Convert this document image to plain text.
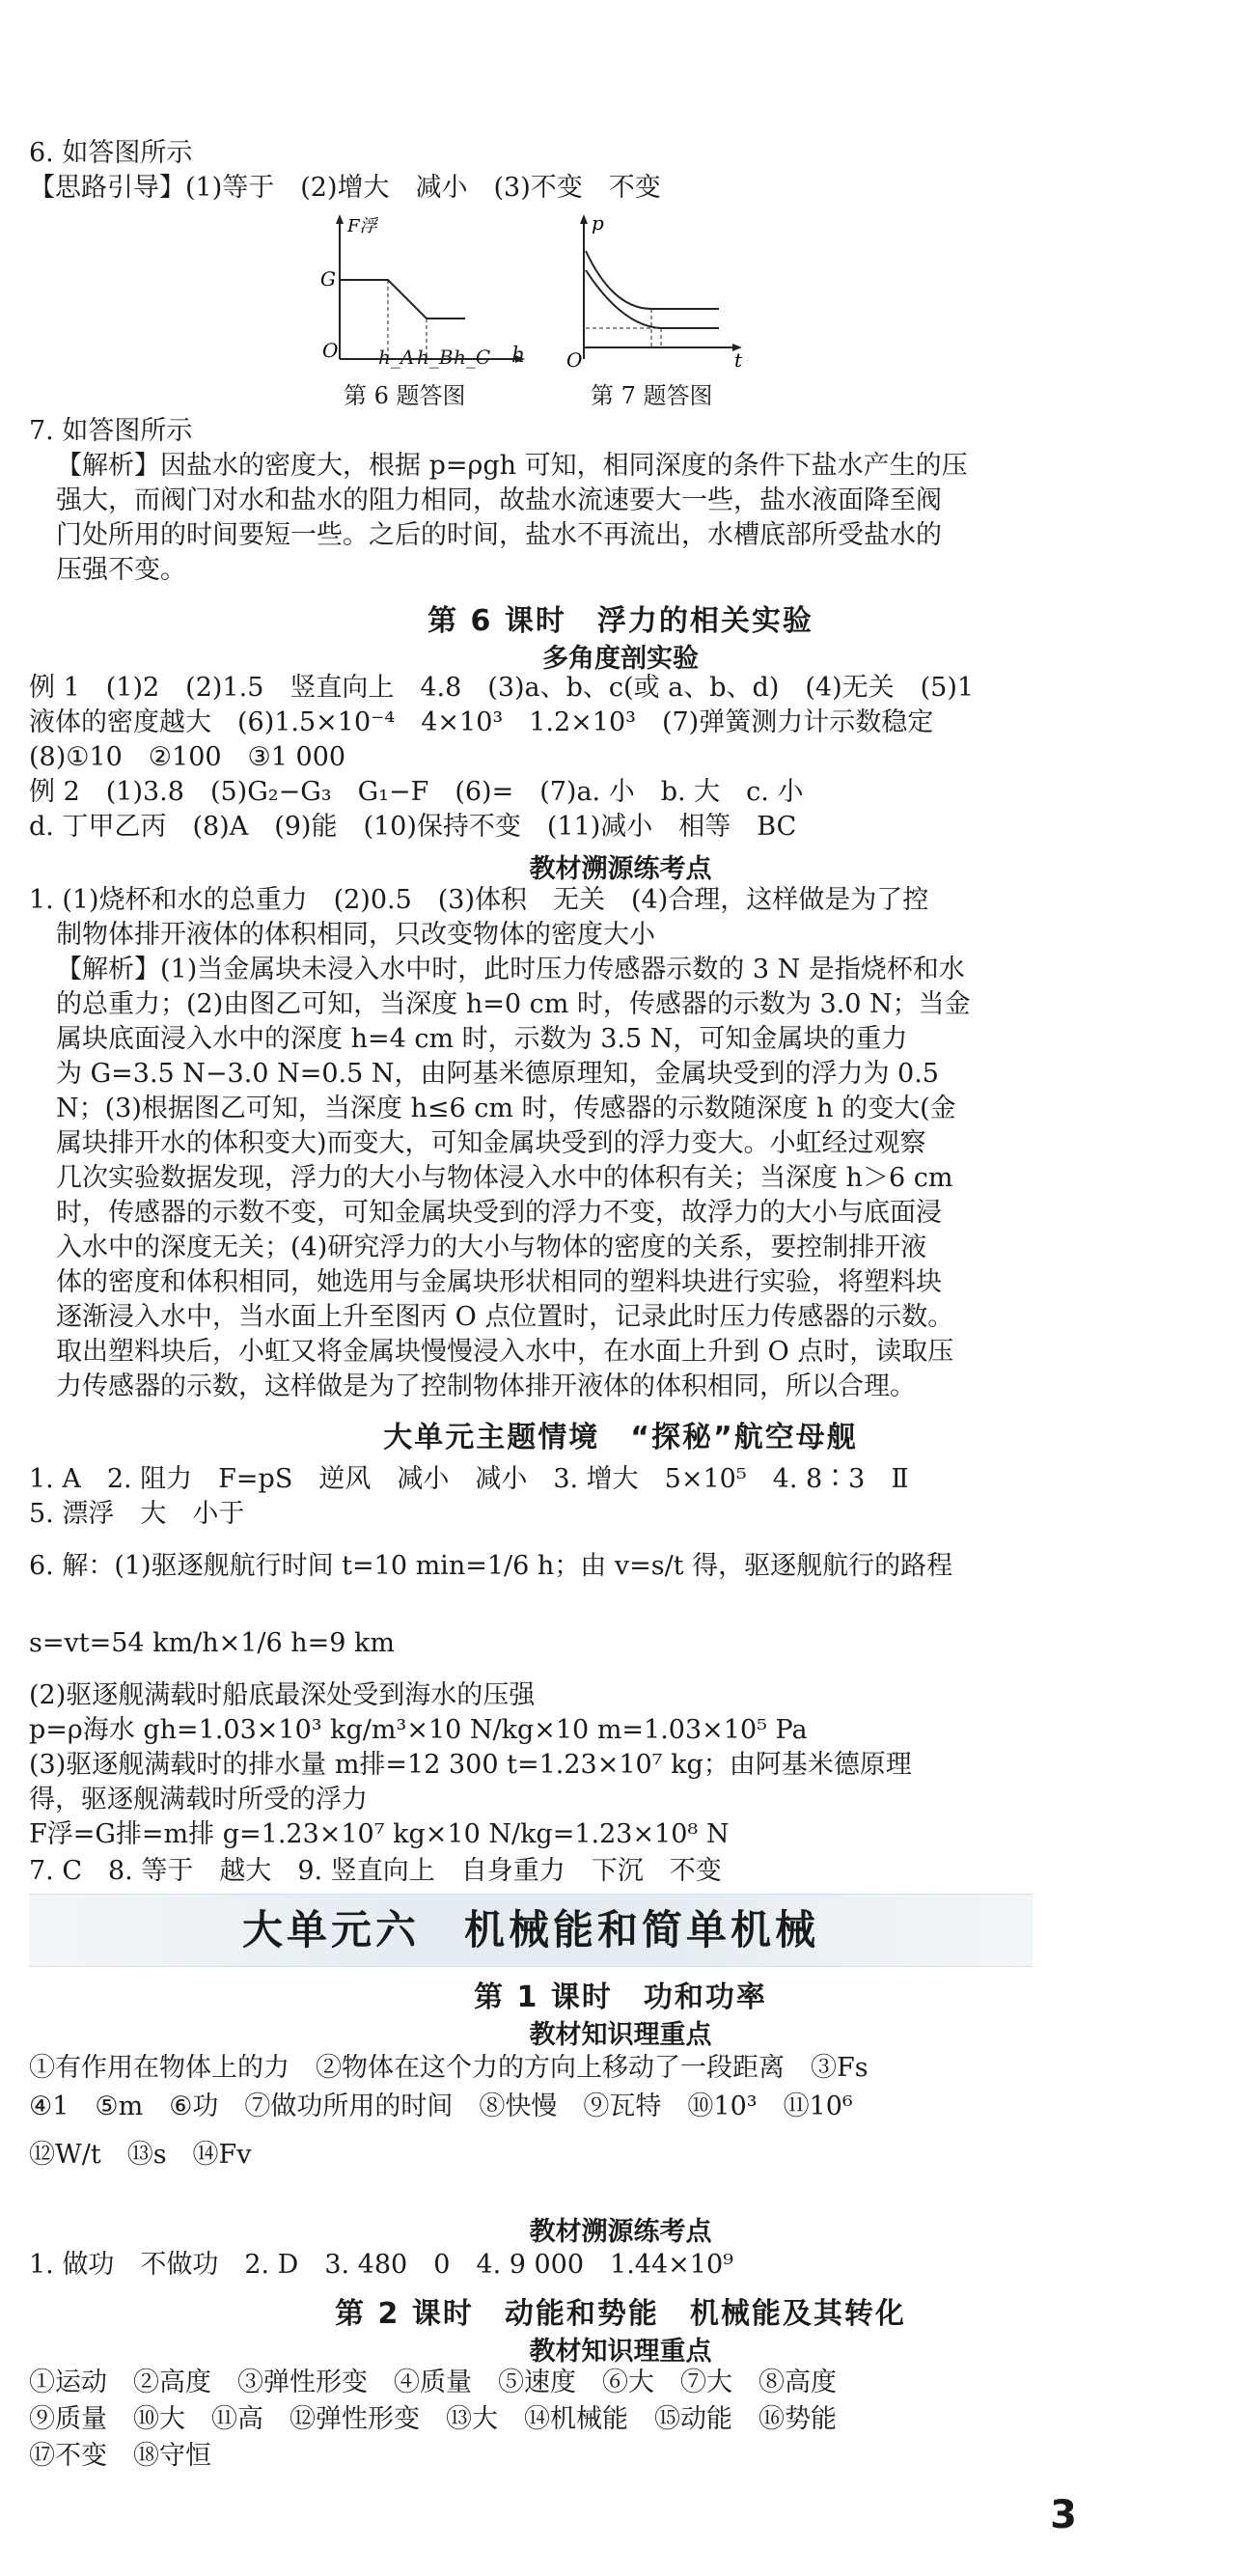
6. 如答图所示
【思路引导】(1)等于　(2)增大　减小　(3)不变　不变
F浮
G
O h_A h_B h_C h
第 6 题答图
p
O	t
第 7 题答图
7. 如答图所示
【解析】因盐水的密度大，根据 p=ρgh 可知，相同深度的条件下盐水产生的压
强大，而阀门对水和盐水的阻力相同，故盐水流速要大一些，盐水液面降至阀
门处所用的时间要短一些。之后的时间，盐水不再流出，水槽底部所受盐水的
压强不变。
第 6 课时　浮力的相关实验
多角度剖实验
例 1　(1)2　(2)1.5　竖直向上　4.8　(3)a、b、c(或 a、b、d)　(4)无关　(5)1
液体的密度越大　(6)1.5×10⁻⁴　4×10³　1.2×10³　(7)弹簧测力计示数稳定
(8)①10　②100　③1 000
例 2　(1)3.8　(5)G₂−G₃　G₁−F　(6)=　(7)a. 小　b. 大　c. 小
d. 丁甲乙丙　(8)A　(9)能　(10)保持不变　(11)减小　相等　BC
教材溯源练考点
1. (1)烧杯和水的总重力　(2)0.5　(3)体积　无关　(4)合理，这样做是为了控
制物体排开液体的体积相同，只改变物体的密度大小
【解析】(1)当金属块未浸入水中时，此时压力传感器示数的 3 N 是指烧杯和水
的总重力；(2)由图乙可知，当深度 h=0 cm 时，传感器的示数为 3.0 N；当金
属块底面浸入水中的深度 h=4 cm 时，示数为 3.5 N，可知金属块的重力
为 G=3.5 N−3.0 N=0.5 N，由阿基米德原理知，金属块受到的浮力为 0.5
N；(3)根据图乙可知，当深度 h≤6 cm 时，传感器的示数随深度 h 的变大(金
属块排开水的体积变大)而变大，可知金属块受到的浮力变大。小虹经过观察
几次实验数据发现，浮力的大小与物体浸入水中的体积有关；当深度 h＞6 cm
时，传感器的示数不变，可知金属块受到的浮力不变，故浮力的大小与底面浸
入水中的深度无关；(4)研究浮力的大小与物体的密度的关系，要控制排开液
体的密度和体积相同，她选用与金属块形状相同的塑料块进行实验，将塑料块
逐渐浸入水中，当水面上升至图丙 O 点位置时，记录此时压力传感器的示数。
取出塑料块后，小虹又将金属块慢慢浸入水中，在水面上升到 O 点时，读取压
力传感器的示数，这样做是为了控制物体排开液体的体积相同，所以合理。
大单元主题情境　“探秘”航空母舰
1. A　2. 阻力　F=pS　逆风　减小　减小　3. 增大　5×10⁵　4. 8∶3　Ⅱ
5. 漂浮　大　小于
6. 解：(1)驱逐舰航行时间 t=10 min=1/6 h；由 v=s/t 得，驱逐舰航行的路程
s=vt=54 km/h×1/6 h=9 km
(2)驱逐舰满载时船底最深处受到海水的压强
p=ρ海水 gh=1.03×10³ kg/m³×10 N/kg×10 m=1.03×10⁵ Pa
(3)驱逐舰满载时的排水量 m排=12 300 t=1.23×10⁷ kg；由阿基米德原理
得，驱逐舰满载时所受的浮力
F浮=G排=m排 g=1.23×10⁷ kg×10 N/kg=1.23×10⁸ N
7. C　8. 等于　越大　9. 竖直向上　自身重力　下沉　不变
大单元六　机械能和简单机械
第 1 课时　功和功率
教材知识理重点
①有作用在物体上的力　②物体在这个力的方向上移动了一段距离　③Fs
④1　⑤m　⑥功　⑦做功所用的时间　⑧快慢　⑨瓦特　⑩10³　⑪10⁶
⑫W/t　⑬s　⑭Fv
教材溯源练考点
1. 做功　不做功　2. D　3. 480　0　4. 9 000　1.44×10⁹
第 2 课时　动能和势能　机械能及其转化
教材知识理重点
①运动　②高度　③弹性形变　④质量　⑤速度　⑥大　⑦大　⑧高度
⑨质量　⑩大　⑪高　⑫弹性形变　⑬大　⑭机械能　⑮动能　⑯势能
⑰不变　⑱守恒
3
